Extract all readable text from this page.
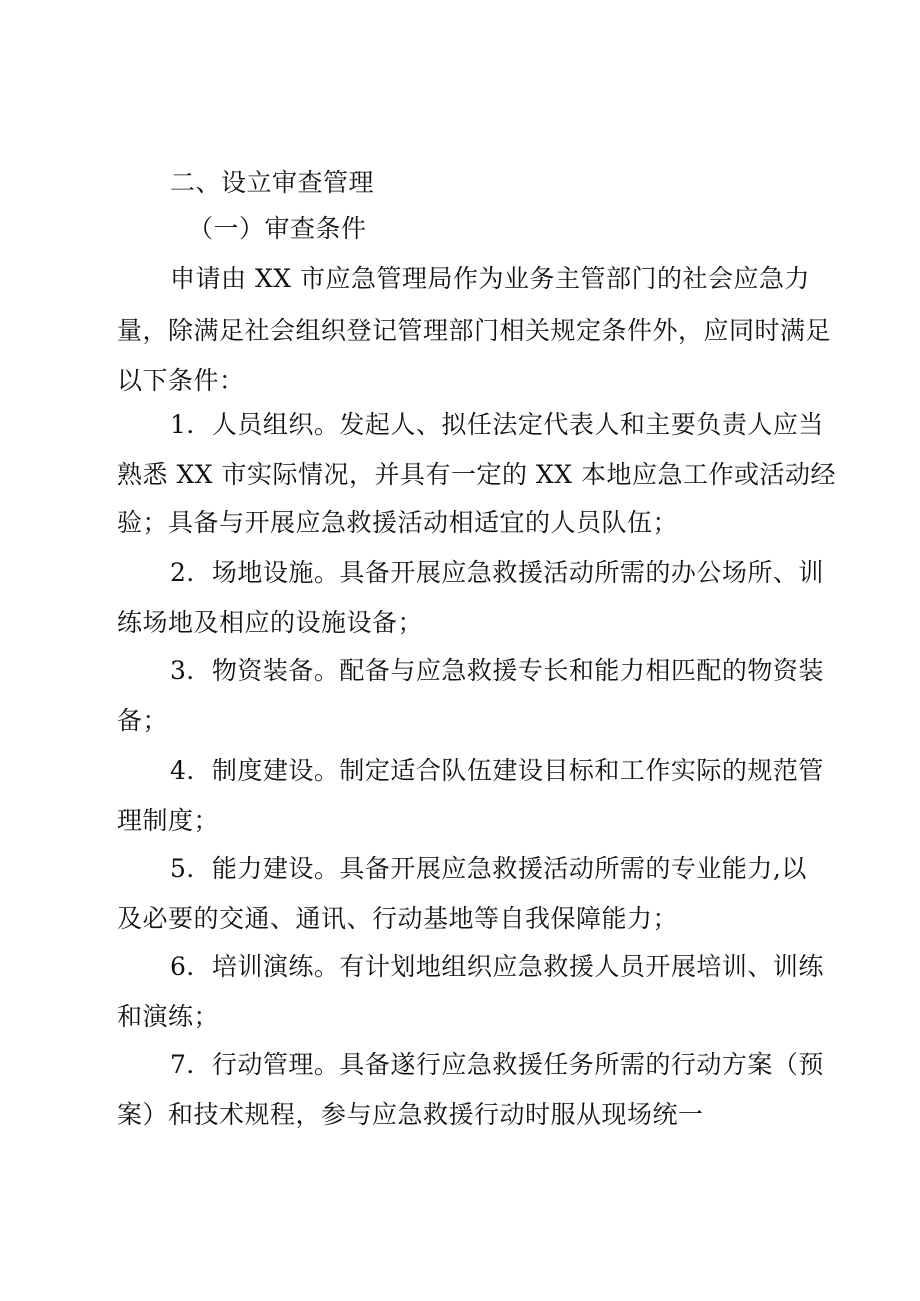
二、设立审查管理
（一）审查条件
申请由 XX 市应急管理局作为业务主管部门的社会应急力
量，除满足社会组织登记管理部门相关规定条件外，应同时满足
以下条件：
1．人员组织。发起人、拟任法定代表人和主要负责人应当
熟悉 XX 市实际情况，并具有一定的 XX 本地应急工作或活动经
验；具备与开展应急救援活动相适宜的人员队伍；
2．场地设施。具备开展应急救援活动所需的办公场所、训
练场地及相应的设施设备；
3．物资装备。配备与应急救援专长和能力相匹配的物资装
备；
4．制度建设。制定适合队伍建设目标和工作实际的规范管
理制度；
5．能力建设。具备开展应急救援活动所需的专业能力,以
及必要的交通、通讯、行动基地等自我保障能力；
6．培训演练。有计划地组织应急救援人员开展培训、训练
和演练；
7．行动管理。具备遂行应急救援任务所需的行动方案（预
案）和技术规程，参与应急救援行动时服从现场统一
